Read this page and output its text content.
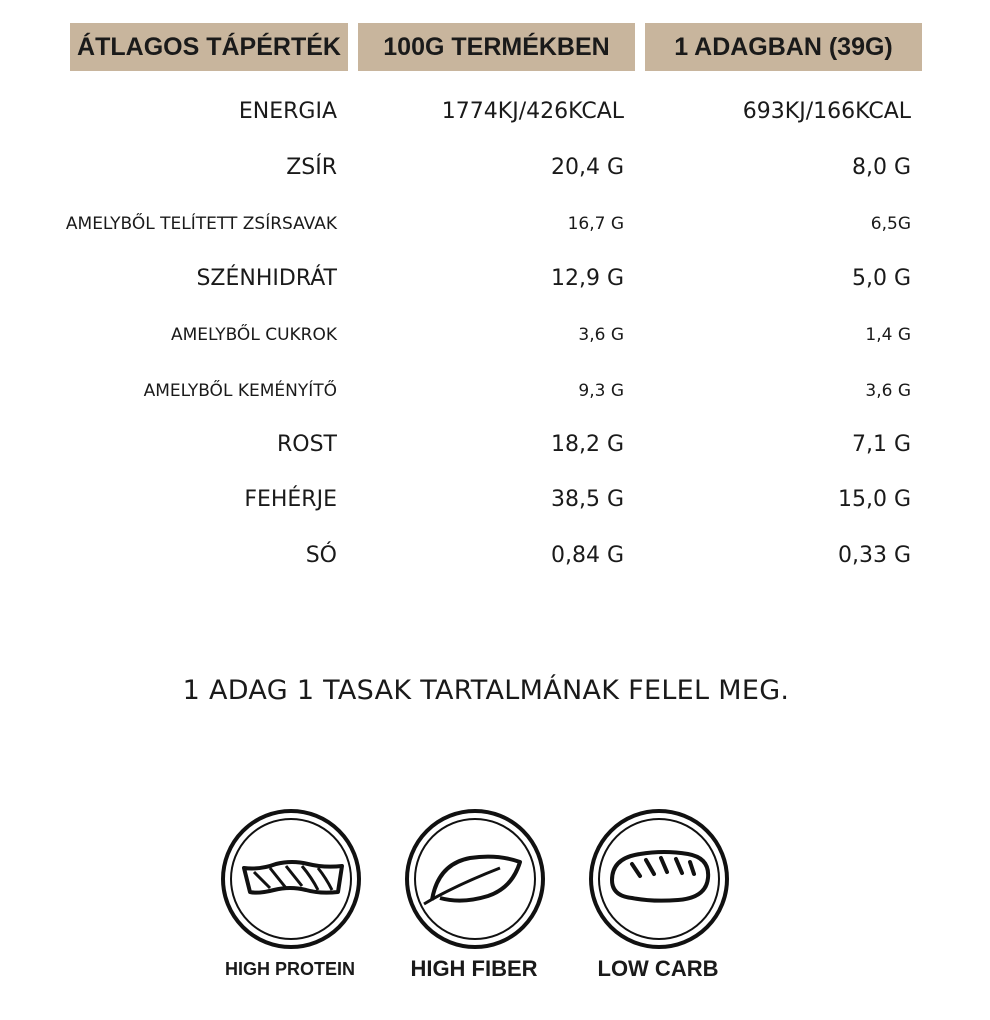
ÁTLAGOS TÁPÉRTÉK	100G TERMÉKBEN	1 ADAGBAN (39G)
ENERGIA	1774KJ/426KCAL	693KJ/166KCAL
ZSÍR	20,4 G	8,0 G
AMELYBŐL TELÍTETT ZSÍRSAVAK	16,7 G	6,5G
SZÉNHIDRÁT	12,9 G	5,0 G
AMELYBŐL CUKROK	3,6 G	1,4 G
AMELYBŐL KEMÉNYÍTŐ	9,3 G	3,6 G
ROST	18,2 G	7,1 G
FEHÉRJE	38,5 G	15,0 G
SÓ	0,84 G	0,33 G
1 ADAG 1 TASAK TARTALMÁNAK FELEL MEG.
HIGH PROTEIN	HIGH FIBER	LOW CARB
